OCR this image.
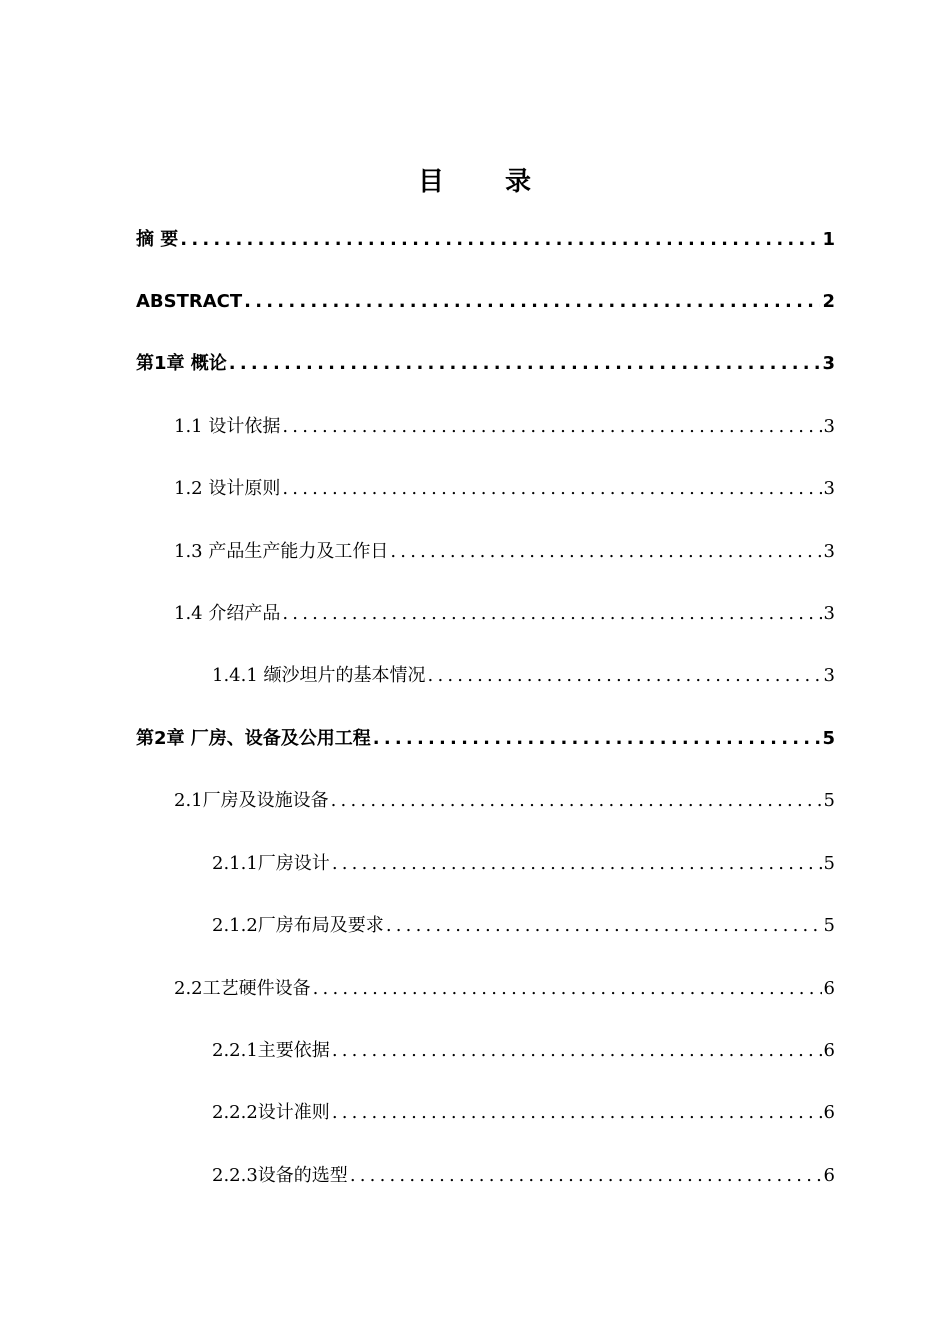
目 录
摘 要 .....	1
ABSTRACT .....	2
第1章 概论 .....	3
1.1 设计依据 .....	3
1.2 设计原则 .....	3
1.3 产品生产能力及工作日 .....	3
1.4 介绍产品 .....	3
1.4.1 缬沙坦片的基本情况 .....	3
第2章 厂房、设备及公用工程 .....	5
2.1厂房及设施设备 .....	5
2.1.1厂房设计 .....	5
2.1.2厂房布局及要求 .....	5
2.2工艺硬件设备 .....	6
2.2.1主要依据 .....	6
2.2.2设计准则 .....	6
2.2.3设备的选型 .....	6
